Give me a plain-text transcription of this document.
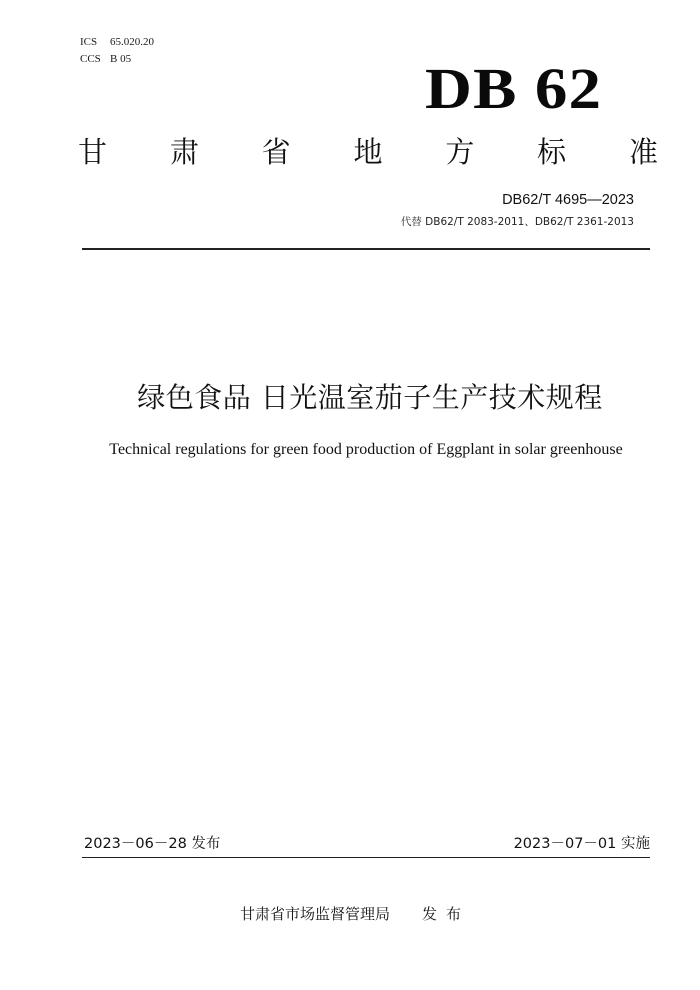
ICS 65.020.20
CCS B 05	DB 62
甘 肃 省 地 方 标 准
DB62/T 4695—2023
代替 DB62/T 2083-2011、DB62/T 2361-2013
绿色食品 日光温室茄子生产技术规程
Technical regulations for green food production of Eggplant in solar greenhouse
2023－06－28 发布	2023－07－01 实施
甘肃省市场监督管理局 发布
